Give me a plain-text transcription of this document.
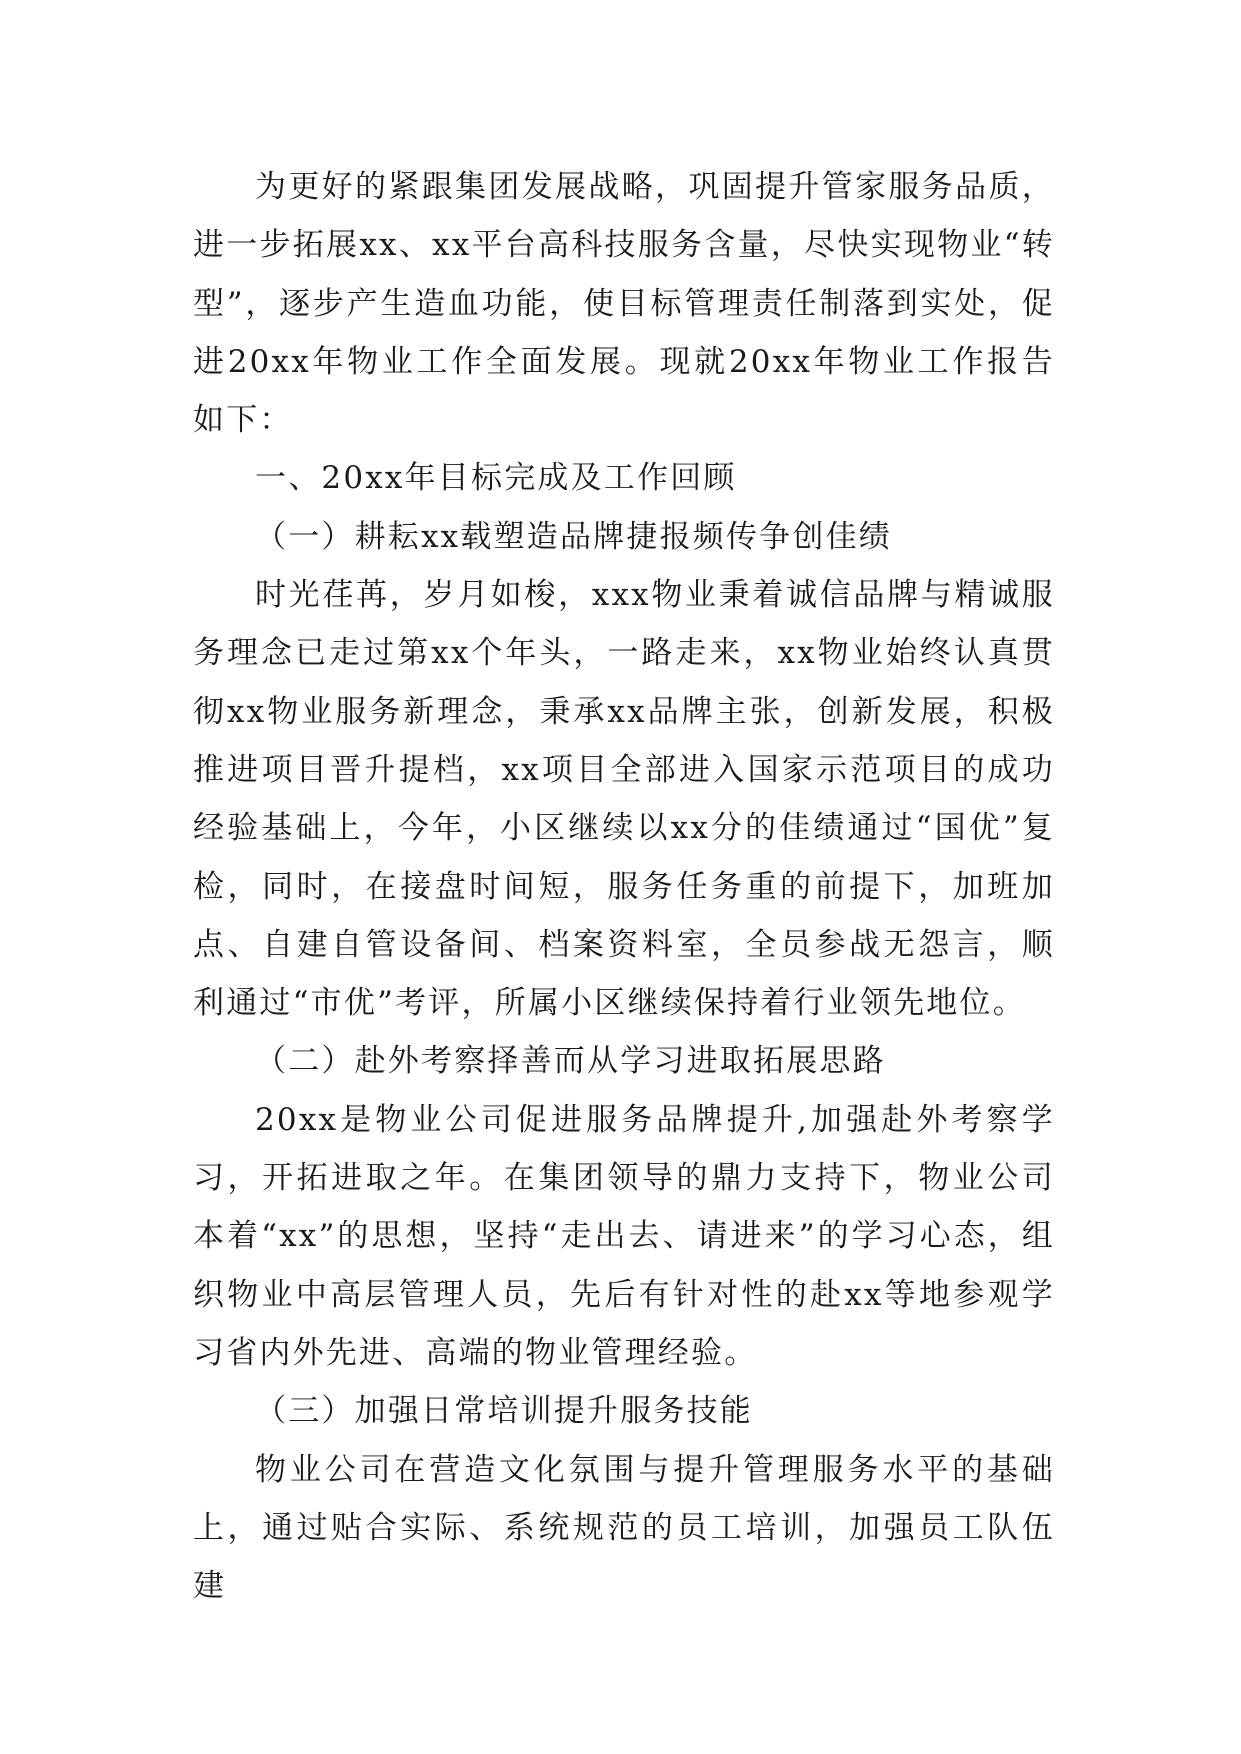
为更好的紧跟集团发展战略，巩固提升管家服务品质，进一步拓展xx、xx平台高科技服务含量，尽快实现物业“转型”，逐步产生造血功能，使目标管理责任制落到实处，促进20xx年物业工作全面发展。现就20xx年物业工作报告如下：

一、20xx年目标完成及工作回顾

（一）耕耘xx载塑造品牌捷报频传争创佳绩

时光荏苒，岁月如梭，xxx物业秉着诚信品牌与精诚服务理念已走过第xx个年头，一路走来，xx物业始终认真贯彻xx物业服务新理念，秉承xx品牌主张，创新发展，积极推进项目晋升提档，xx项目全部进入国家示范项目的成功经验基础上，今年，小区继续以xx分的佳绩通过“国优”复检，同时，在接盘时间短，服务任务重的前提下，加班加点、自建自管设备间、档案资料室，全员参战无怨言，顺利通过“市优”考评，所属小区继续保持着行业领先地位。

（二）赴外考察择善而从学习进取拓展思路

20xx是物业公司促进服务品牌提升,加强赴外考察学习，开拓进取之年。在集团领导的鼎力支持下，物业公司本着“xx”的思想，坚持“走出去、请进来”的学习心态，组织物业中高层管理人员，先后有针对性的赴xx等地参观学习省内外先进、高端的物业管理经验。

（三）加强日常培训提升服务技能

物业公司在营造文化氛围与提升管理服务水平的基础上，通过贴合实际、系统规范的员工培训，加强员工队伍建
